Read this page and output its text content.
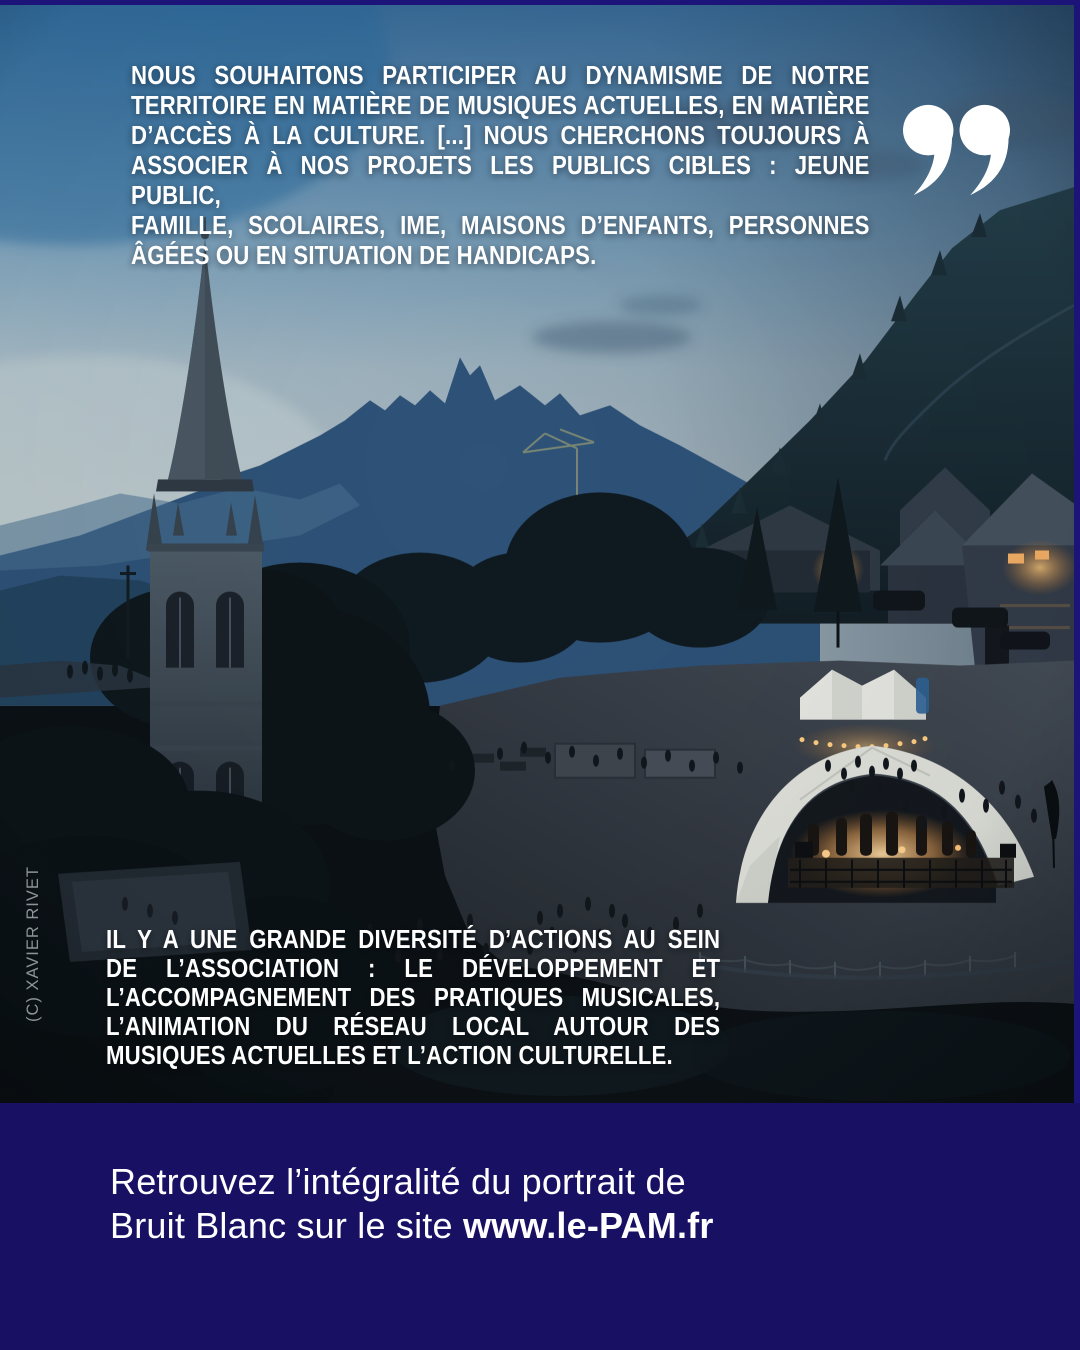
NOUS SOUHAITONS PARTICIPER AU DYNAMISME DE NOTRE
TERRITOIRE EN MATIÈRE DE MUSIQUES ACTUELLES, EN MATIÈRE
D’ACCÈS À LA CULTURE. [...] NOUS CHERCHONS TOUJOURS À
ASSOCIER À NOS PROJETS LES PUBLICS CIBLES : JEUNE PUBLIC,
FAMILLE, SCOLAIRES, IME, MAISONS D’ENFANTS, PERSONNES
ÂGÉES OU EN SITUATION DE HANDICAPS.
(C) XAVIER RIVET	IL Y A UNE GRANDE DIVERSITÉ D’ACTIONS AU SEIN
DE L’ASSOCIATION : LE DÉVELOPPEMENT ET
L’ACCOMPAGNEMENT DES PRATIQUES MUSICALES,
L’ANIMATION DU RÉSEAU LOCAL AUTOUR DES
MUSIQUES ACTUELLES ET L’ACTION CULTURELLE.
Retrouvez l’intégralité du portrait de
Bruit Blanc sur le site www.le-PAM.fr
